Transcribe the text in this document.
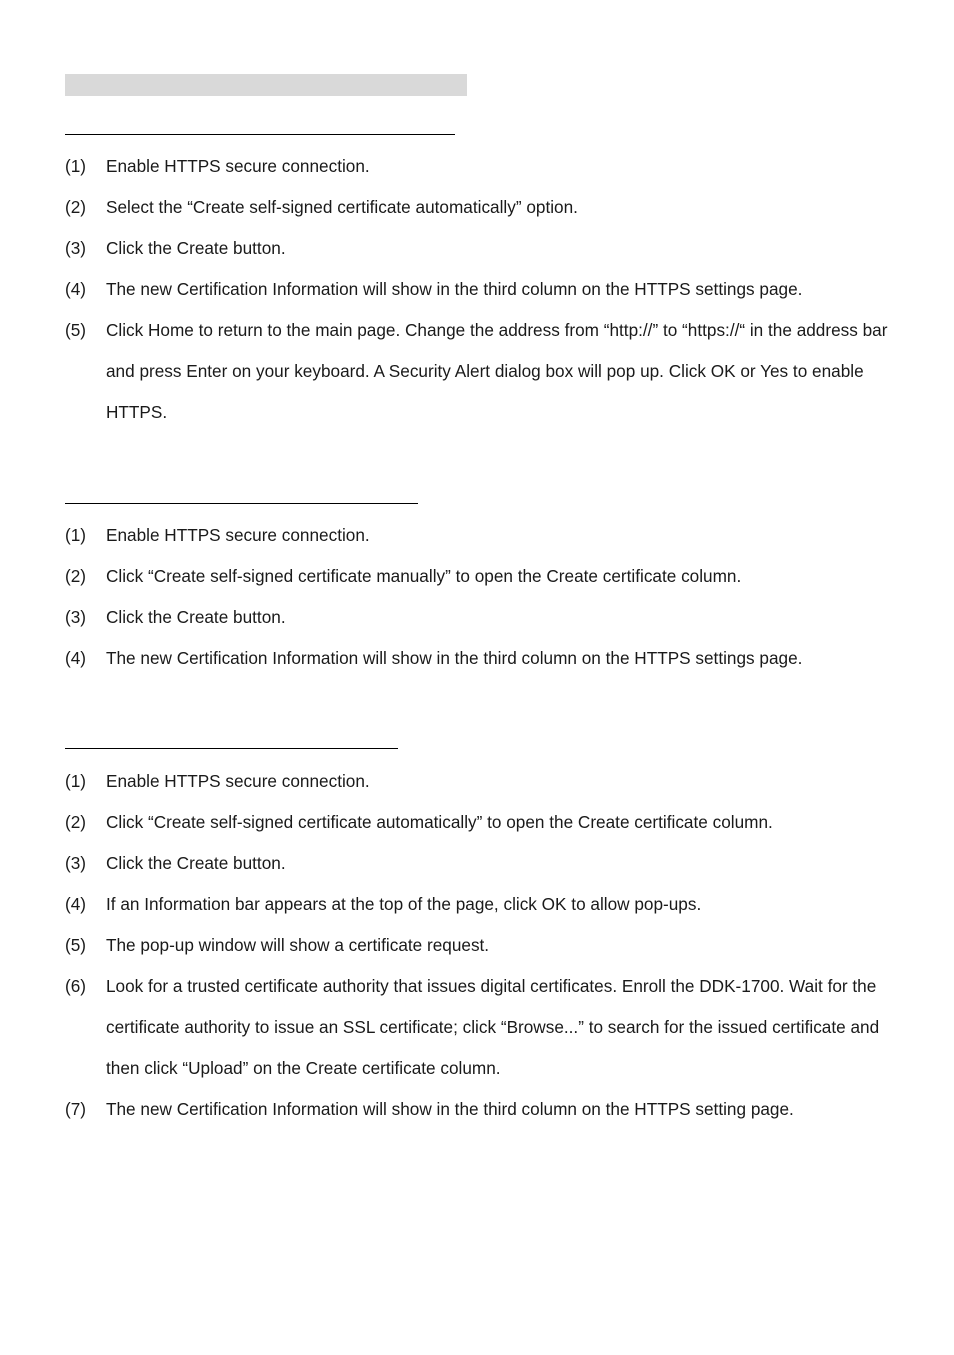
(1)	Enable HTTPS secure connection.
(2)	Select the “Create self-signed certificate automatically” option.
(3)	Click the Create button.
(4)	The new Certification Information will show in the third column on the HTTPS settings page.
(5)	Click Home to return to the main page. Change the address from “http://” to “https://“ in the address bar and press Enter on your keyboard. A Security Alert dialog box will pop up. Click OK or Yes to enable HTTPS.
(1)	Enable HTTPS secure connection.
(2)	Click “Create self-signed certificate manually” to open the Create certificate column.
(3)	Click the Create button.
(4)	The new Certification Information will show in the third column on the HTTPS settings page.
(1)	Enable HTTPS secure connection.
(2)	Click “Create self-signed certificate automatically” to open the Create certificate column.
(3)	Click the Create button.
(4)	If an Information bar appears at the top of the page, click OK to allow pop-ups.
(5)	The pop-up window will show a certificate request.
(6)	Look for a trusted certificate authority that issues digital certificates. Enroll the DDK-1700. Wait for the certificate authority to issue an SSL certificate; click “Browse...” to search for the issued certificate and then click “Upload” on the Create certificate column.
(7)	The new Certification Information will show in the third column on the HTTPS setting page.
